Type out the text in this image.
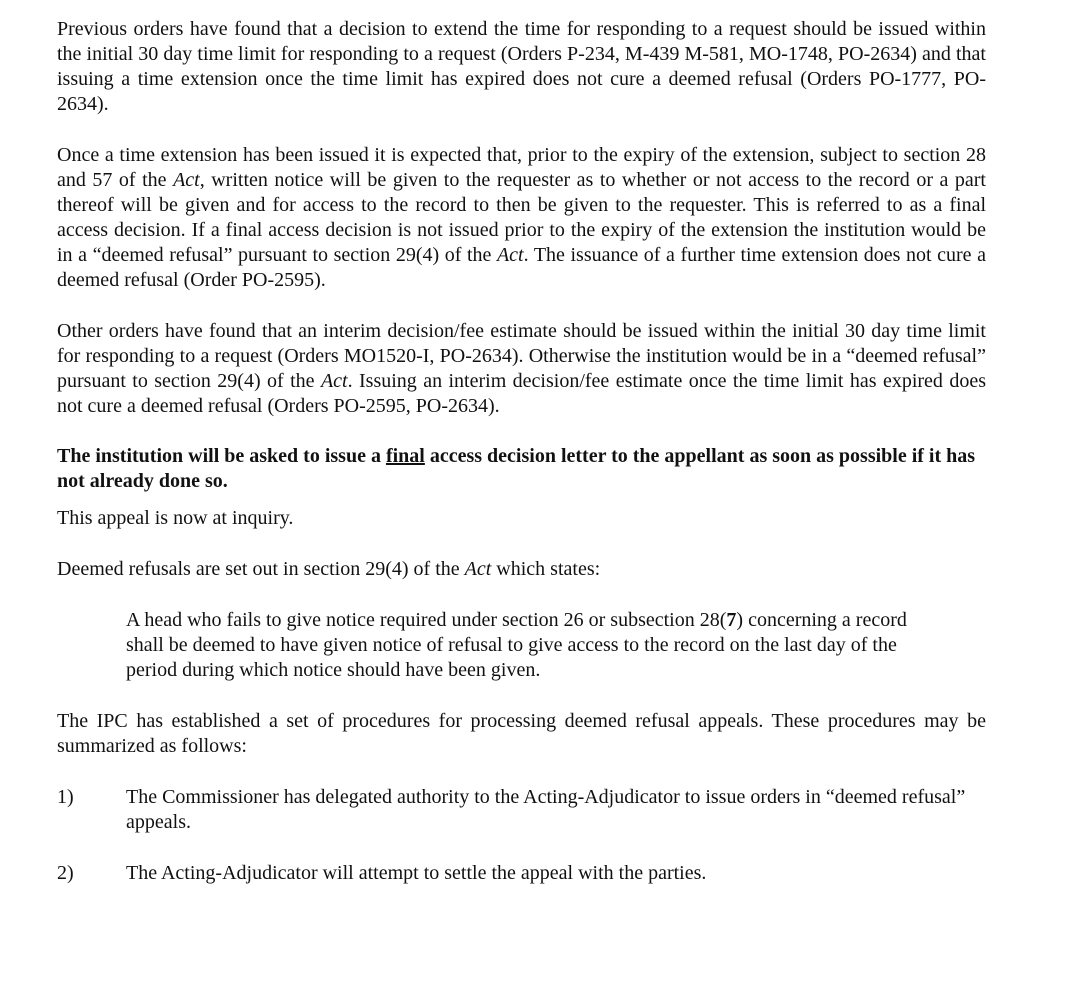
Previous orders have found that a decision to extend the time for responding to a request should be issued within the initial 30 day time limit for responding to a request (Orders P-234, M-439 M-581, MO-1748, PO-2634) and that issuing a time extension once the time limit has expired does not cure a deemed refusal (Orders PO-1777, PO-2634).

Once a time extension has been issued it is expected that, prior to the expiry of the extension, subject to section 28 and 57 of the Act, written notice will be given to the requester as to whether or not access to the record or a part thereof will be given and for access to the record to then be given to the requester. This is referred to as a final access decision. If a final access decision is not issued prior to the expiry of the extension the institution would be in a “deemed refusal” pursuant to section 29(4) of the Act. The issuance of a further time extension does not cure a deemed refusal (Order PO-2595).

Other orders have found that an interim decision/fee estimate should be issued within the initial 30 day time limit for responding to a request (Orders MO1520-I, PO-2634). Otherwise the institution would be in a “deemed refusal” pursuant to section 29(4) of the Act. Issuing an interim decision/fee estimate once the time limit has expired does not cure a deemed refusal (Orders PO-2595, PO-2634).

The institution will be asked to issue a final access decision letter to the appellant as soon as possible if it has not already done so.

This appeal is now at inquiry.

Deemed refusals are set out in section 29(4) of the Act which states:

A head who fails to give notice required under section 26 or subsection 28(7) concerning a record shall be deemed to have given notice of refusal to give access to the record on the last day of the period during which notice should have been given.

The IPC has established a set of procedures for processing deemed refusal appeals. These procedures may be summarized as follows:

1)	The Commissioner has delegated authority to the Acting-Adjudicator to issue orders in “deemed refusal” appeals.
2)	The Acting-Adjudicator will attempt to settle the appeal with the parties.
